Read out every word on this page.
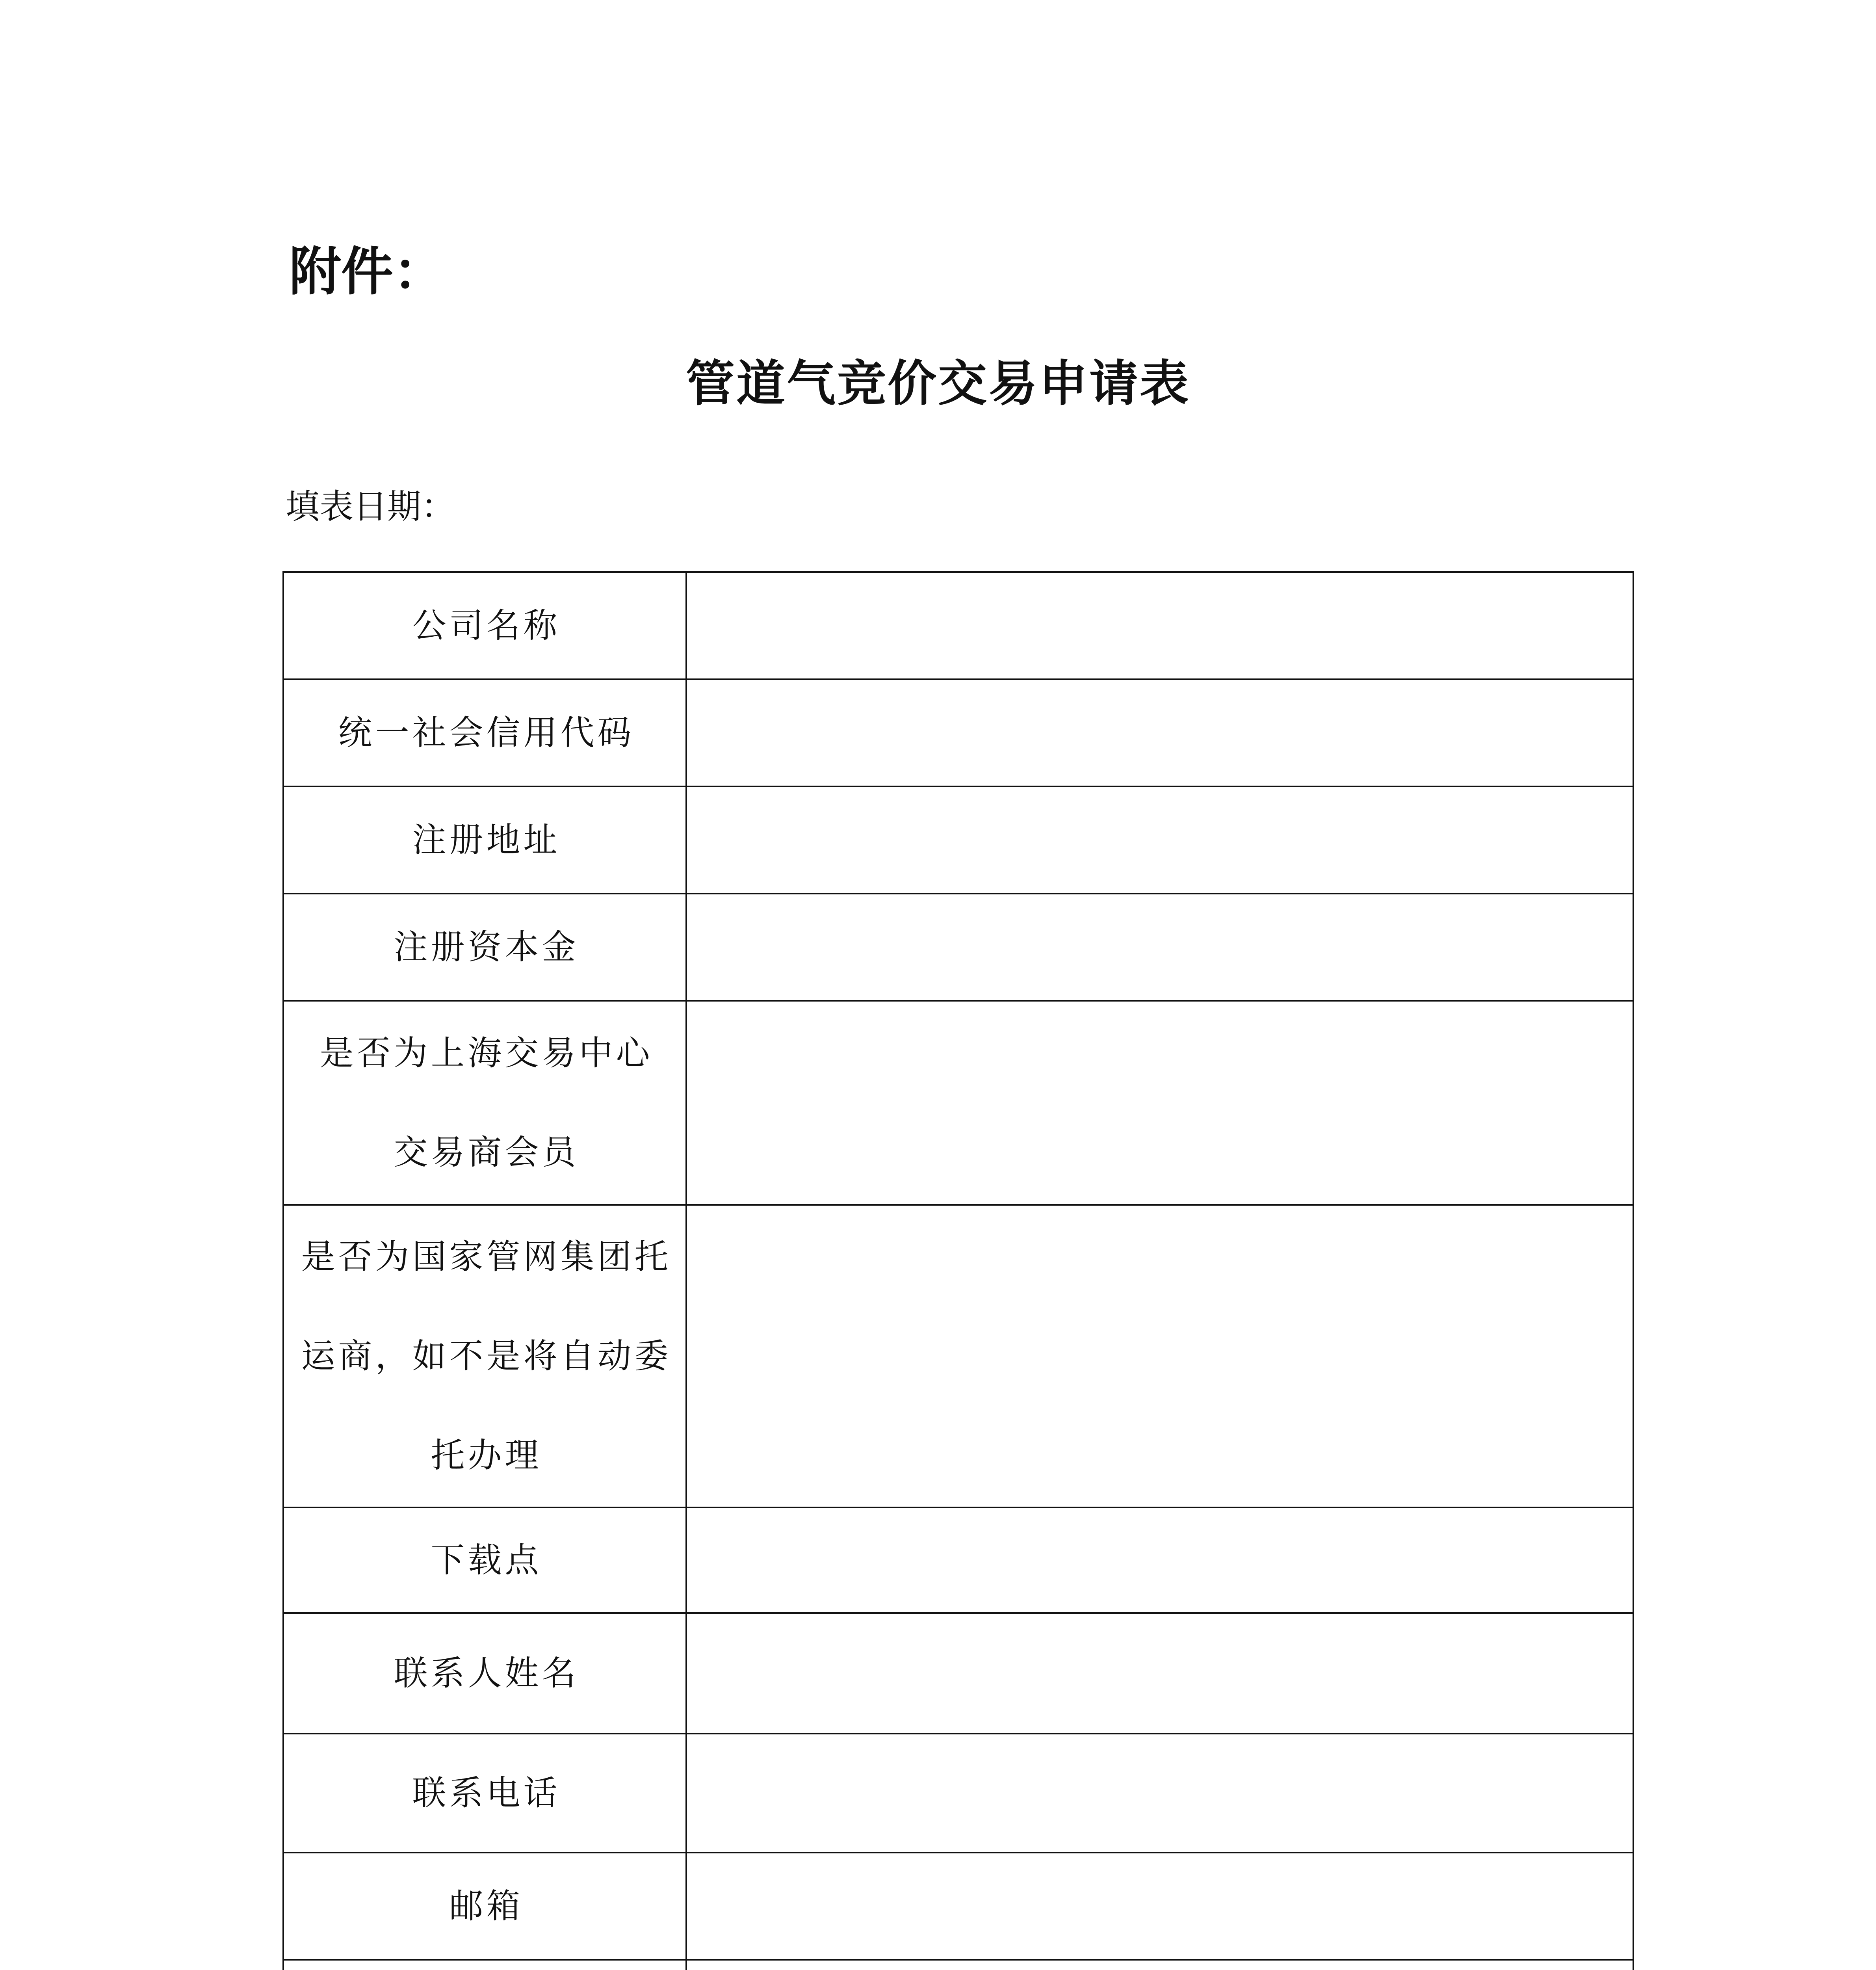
附件：
管道气竞价交易申请表
填表日期：
公司名称	

统一社会信用代码	

注册地址	

注册资本金	

是否为上海交易中心
交易商会员	

是否为国家管网集团托
运商，如不是将自动委
托办理	

下载点	

联系人姓名	

联系电话	

邮箱	
